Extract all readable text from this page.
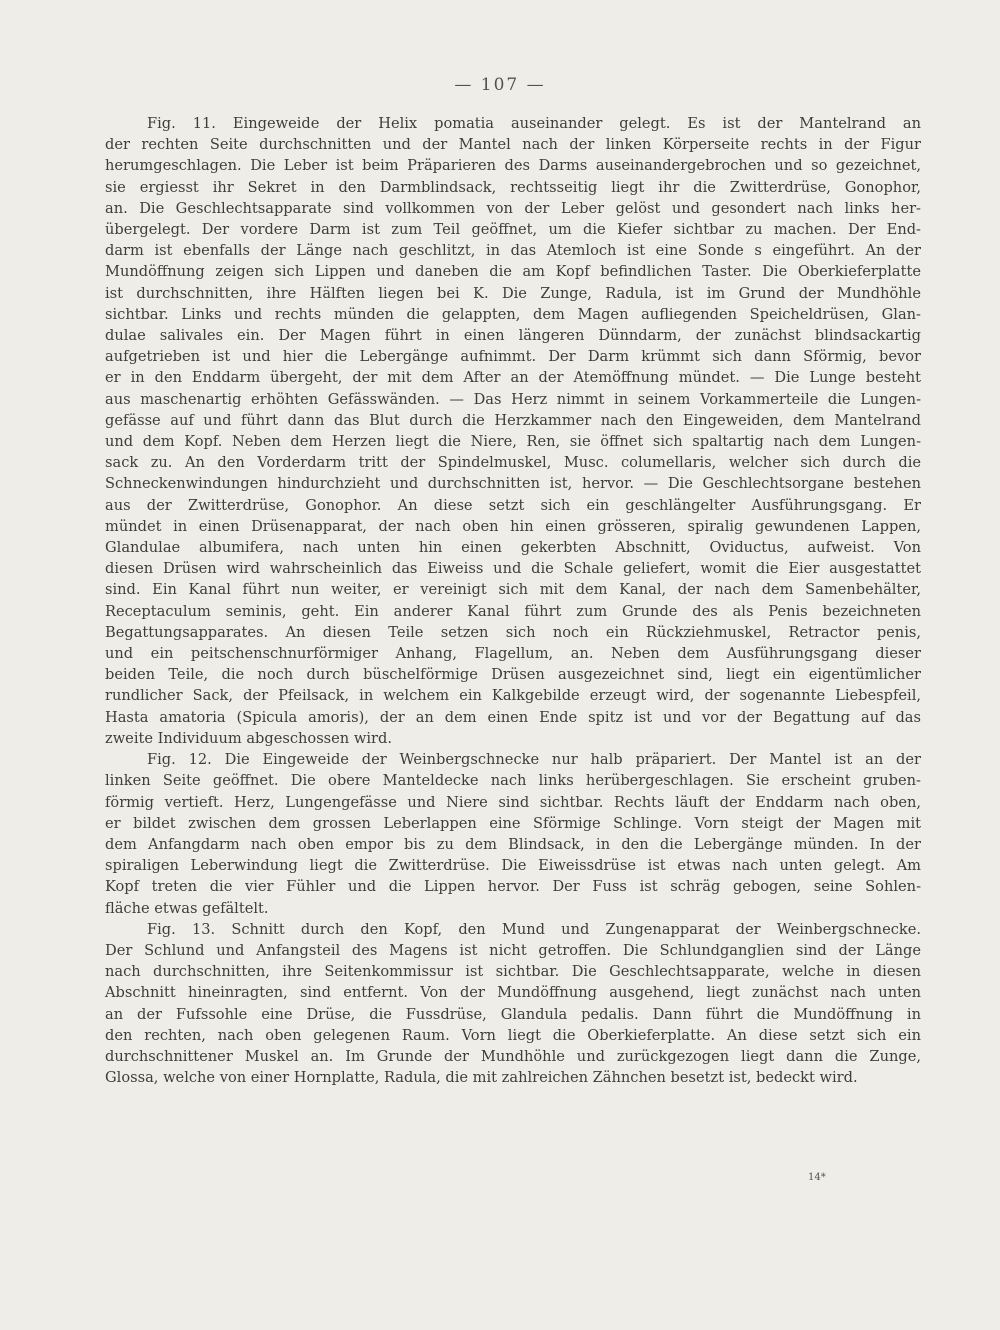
— 107 —
Fig. 11. Eingeweide der Helix pomatia auseinander gelegt. Es ist der Mantelrand an
der rechten Seite durchschnitten und der Mantel nach der linken Körperseite rechts in der Figur
herumgeschlagen. Die Leber ist beim Präparieren des Darms auseinandergebrochen und so gezeichnet,
sie ergiesst ihr Sekret in den Darmblindsack, rechtsseitig liegt ihr die Zwitterdrüse, Gonophor,
an. Die Geschlechtsapparate sind vollkommen von der Leber gelöst und gesondert nach links her-
übergelegt. Der vordere Darm ist zum Teil geöffnet, um die Kiefer sichtbar zu machen. Der End-
darm ist ebenfalls der Länge nach geschlitzt, in das Atemloch ist eine Sonde s eingeführt. An der
Mundöffnung zeigen sich Lippen und daneben die am Kopf befindlichen Taster. Die Oberkieferplatte
ist durchschnitten, ihre Hälften liegen bei K. Die Zunge, Radula, ist im Grund der Mundhöhle
sichtbar. Links und rechts münden die gelappten, dem Magen aufliegenden Speicheldrüsen, Glan-
dulae salivales ein. Der Magen führt in einen längeren Dünndarm, der zunächst blindsackartig
aufgetrieben ist und hier die Lebergänge aufnimmt. Der Darm krümmt sich dann Sförmig, bevor
er in den Enddarm übergeht, der mit dem After an der Atemöffnung mündet. — Die Lunge besteht
aus maschenartig erhöhten Gefässwänden. — Das Herz nimmt in seinem Vorkammerteile die Lungen-
gefässe auf und führt dann das Blut durch die Herzkammer nach den Eingeweiden, dem Mantelrand
und dem Kopf. Neben dem Herzen liegt die Niere, Ren, sie öffnet sich spaltartig nach dem Lungen-
sack zu. An den Vorderdarm tritt der Spindelmuskel, Musc. columellaris, welcher sich durch die
Schneckenwindungen hindurchzieht und durchschnitten ist, hervor. — Die Geschlechtsorgane bestehen
aus der Zwitterdrüse, Gonophor. An diese setzt sich ein geschlängelter Ausführungsgang. Er
mündet in einen Drüsenapparat, der nach oben hin einen grösseren, spiralig gewundenen Lappen,
Glandulae albumifera, nach unten hin einen gekerbten Abschnitt, Oviductus, aufweist. Von
diesen Drüsen wird wahrscheinlich das Eiweiss und die Schale geliefert, womit die Eier ausgestattet
sind. Ein Kanal führt nun weiter, er vereinigt sich mit dem Kanal, der nach dem Samenbehälter,
Receptaculum seminis, geht. Ein anderer Kanal führt zum Grunde des als Penis bezeichneten
Begattungsapparates. An diesen Teile setzen sich noch ein Rückziehmuskel, Retractor penis,
und ein peitschenschnurförmiger Anhang, Flagellum, an. Neben dem Ausführungsgang dieser
beiden Teile, die noch durch büschelförmige Drüsen ausgezeichnet sind, liegt ein eigentümlicher
rundlicher Sack, der Pfeilsack, in welchem ein Kalkgebilde erzeugt wird, der sogenannte Liebespfeil,
Hasta amatoria (Spicula amoris), der an dem einen Ende spitz ist und vor der Begattung auf das
zweite Individuum abgeschossen wird.
Fig. 12. Die Eingeweide der Weinbergschnecke nur halb präpariert. Der Mantel ist an der
linken Seite geöffnet. Die obere Manteldecke nach links herübergeschlagen. Sie erscheint gruben-
förmig vertieft. Herz, Lungengefässe und Niere sind sichtbar. Rechts läuft der Enddarm nach oben,
er bildet zwischen dem grossen Leberlappen eine Sförmige Schlinge. Vorn steigt der Magen mit
dem Anfangdarm nach oben empor bis zu dem Blindsack, in den die Lebergänge münden. In der
spiraligen Leberwindung liegt die Zwitterdrüse. Die Eiweissdrüse ist etwas nach unten gelegt. Am
Kopf treten die vier Fühler und die Lippen hervor. Der Fuss ist schräg gebogen, seine Sohlen-
fläche etwas gefältelt.
Fig. 13. Schnitt durch den Kopf, den Mund und Zungenapparat der Weinbergschnecke.
Der Schlund und Anfangsteil des Magens ist nicht getroffen. Die Schlundganglien sind der Länge
nach durchschnitten, ihre Seitenkommissur ist sichtbar. Die Geschlechtsapparate, welche in diesen
Abschnitt hineinragten, sind entfernt. Von der Mundöffnung ausgehend, liegt zunächst nach unten
an der Fufssohle eine Drüse, die Fussdrüse, Glandula pedalis. Dann führt die Mundöffnung in
den rechten, nach oben gelegenen Raum. Vorn liegt die Oberkieferplatte. An diese setzt sich ein
durchschnittener Muskel an. Im Grunde der Mundhöhle und zurückgezogen liegt dann die Zunge,
Glossa, welche von einer Hornplatte, Radula, die mit zahlreichen Zähnchen besetzt ist, bedeckt wird.
14*
